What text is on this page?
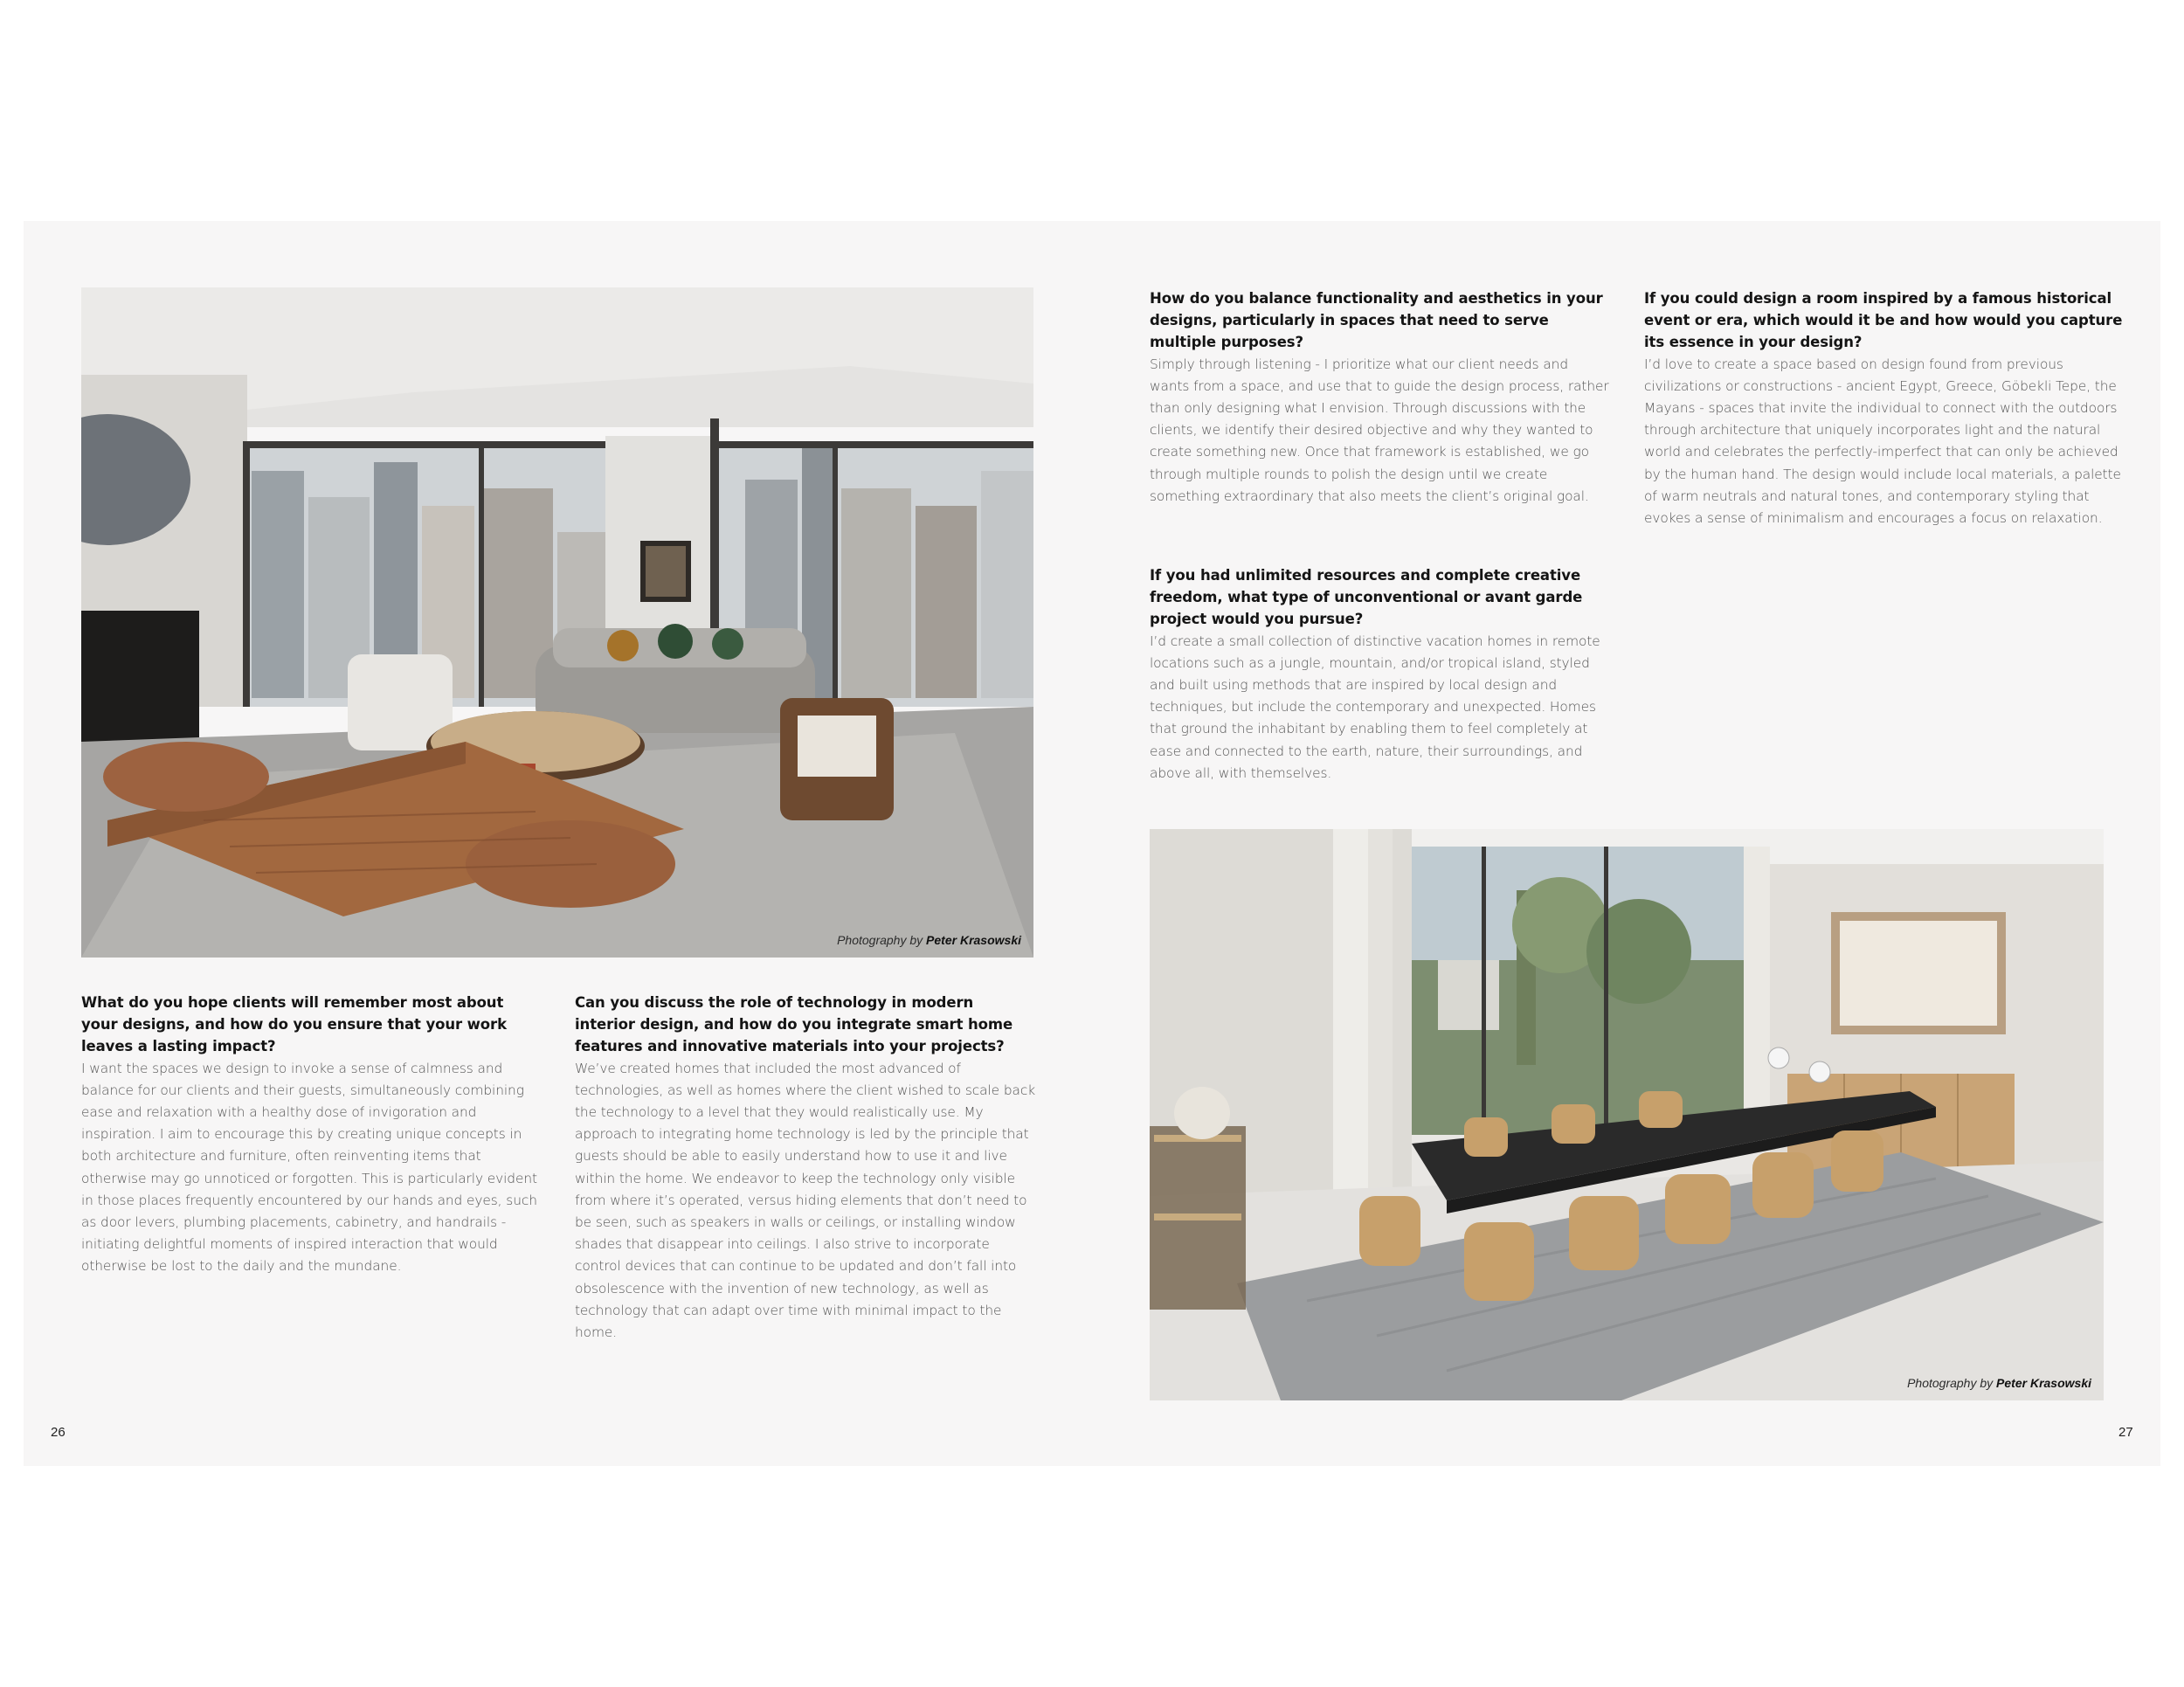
Photography by Peter Krasowski

What do you hope clients will remember most about your designs, and how do you ensure that your work leaves a lasting impact?

I want the spaces we design to invoke a sense of calmness and balance for our clients and their guests, simultaneously combining ease and relaxation with a healthy dose of invigoration and inspiration. I aim to encourage this by creating unique concepts in both architecture and furniture, often reinventing items that otherwise may go unnoticed or forgotten. This is particularly evident in those places frequently encountered by our hands and eyes, such as door levers, plumbing placements, cabinetry, and handrails - initiating delightful moments of inspired interaction that would otherwise be lost to the daily and the mundane.

Can you discuss the role of technology in modern interior design, and how do you integrate smart home features and innovative materials into your projects?

We’ve created homes that included the most advanced of technologies, as well as homes where the client wished to scale back the technology to a level that they would realistically use. My approach to integrating home technology is led by the principle that guests should be able to easily understand how to use it and live within the home. We endeavor to keep the technology only visible from where it’s operated, versus hiding elements that don’t need to be seen, such as speakers in walls or ceilings, or installing window shades that disappear into ceilings. I also strive to incorporate control devices that can continue to be updated and don’t fall into obsolescence with the invention of new technology, as well as technology that can adapt over time with minimal impact to the home.

26

How do you balance functionality and aesthetics in your designs, particularly in spaces that need to serve multiple purposes?

Simply through listening - I prioritize what our client needs and wants from a space, and use that to guide the design process, rather than only designing what I envision. Through discussions with the clients, we identify their desired objective and why they wanted to create something new. Once that framework is established, we go through multiple rounds to polish the design until we create something extraordinary that also meets the client’s original goal.

If you had unlimited resources and complete creative freedom, what type of unconventional or avant garde project would you pursue?

I’d create a small collection of distinctive vacation homes in remote locations such as a jungle, mountain, and/or tropical island, styled and built using methods that are inspired by local design and techniques, but include the contemporary and unexpected. Homes that ground the inhabitant by enabling them to feel completely at ease and connected to the earth, nature, their surroundings, and above all, with themselves.

If you could design a room inspired by a famous historical event or era, which would it be and how would you capture its essence in your design?

I’d love to create a space based on design found from previous civilizations or constructions - ancient Egypt, Greece, Göbekli Tepe, the Mayans - spaces that invite the individual to connect with the outdoors through architecture that uniquely incorporates light and the natural world and celebrates the perfectly-imperfect that can only be achieved by the human hand. The design would include local materials, a palette of warm neutrals and natural tones, and contemporary styling that evokes a sense of minimalism and encourages a focus on relaxation.

Photography by Peter Krasowski
27
